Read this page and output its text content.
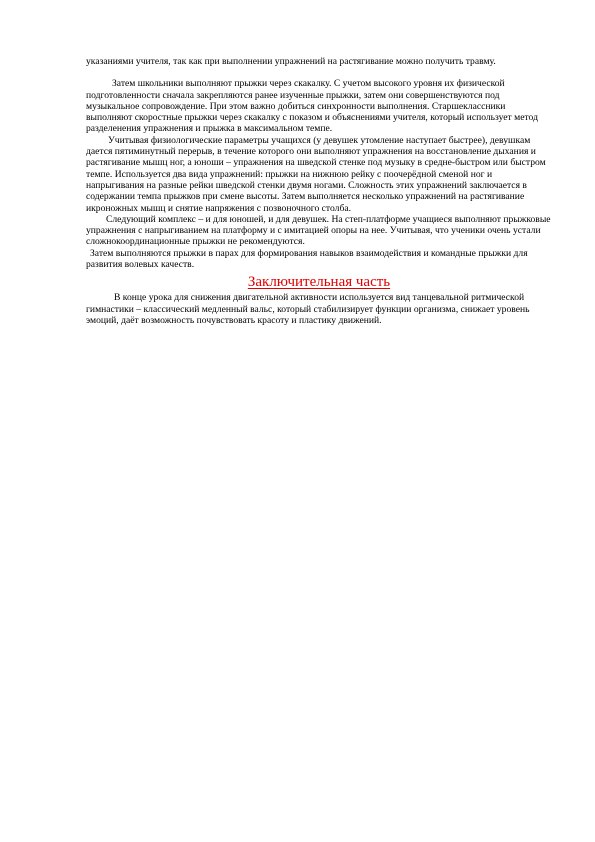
указаниями учителя, так как при выполнении упражнений на растягивание можно получить травму.

Затем школьники выполняют прыжки через скакалку. С учетом высокого уровня их физической подготовленности сначала закрепляются ранее изученные прыжки, затем они совершенствуются под музыкальное сопровождение. При этом важно добиться синхронности выполнения. Старшеклассники выполняют скоростные прыжки через скакалку с показом и объяснениями учителя, который использует метод разделенения упражнения и прыжка в максимальном темпе.

Учитывая физиологические параметры учащихся (у девушек утомление наступает быстрее), девушкам дается пятиминутный перерыв, в течение которого они выполняют упражнения на восстановление дыхания и растягивание мышц ног, а юноши – упражнения на шведской стенке под музыку в средне-быстром или быстром темпе. Используется два вида упражнений: прыжки на нижнюю рейку с поочерёдной сменой ног и напрыгивания на разные рейки шведской стенки двумя ногами. Сложность этих упражнений заключается в содержании темпа прыжков при смене высоты. Затем выполняется несколько упражнений на растягивание икроножных мышц и снятие напряжения с позвоночного столба.

Следующий комплекс – и для юношей, и для девушек. На степ-платформе учащиеся выполняют прыжковые упражнения с напрыгиванием на платформу и с имитацией опоры на нее. Учитывая, что ученики очень устали сложнокоординационные прыжки не рекомендуются.

Затем выполняются прыжки в парах для формирования навыков взаимодействия и командные прыжки для развития волевых качеств.

Заключительная часть

В конце урока для снижения двигательной активности используется вид танцевальной ритмической гимнастики – классический медленный вальс, который стабилизирует функции организма, снижает уровень эмоций, даёт возможность почувствовать красоту и пластику движений.
